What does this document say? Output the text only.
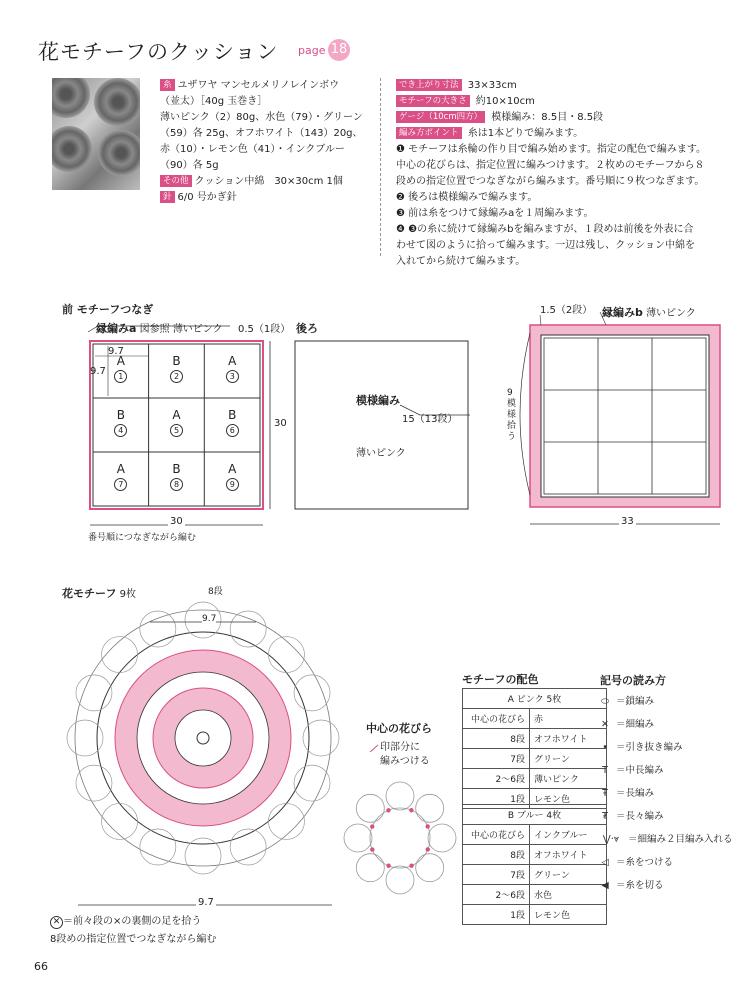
花モチーフのクッション page 18
糸 ユザワヤ マンセルメリノレインボウ
（並太）［40g 玉巻き］
薄いピンク（2）80g、水色（79）・グリーン
（59）各 25g、オフホワイト（143）20g、
赤（10）・レモン色（41）・インクブルー
（90）各 5g
その他 クッション中綿　30×30cm 1個
針 6/0 号かぎ針
でき上がり寸法 33×33cm
モチーフの大きさ 約10×10cm
ゲージ（10cm四方） 模様編み：8.5目・8.5段
編み方ポイント 糸は1本どりで編みます。
❶ モチーフは糸輪の作り目で編み始めます。指定の配色で編みます。
中心の花びらは、指定位置に編みつけます。２枚めのモチーフから８
段めの指定位置でつなぎながら編みます。番号順に９枚つなぎます。
❷ 後ろは模様編みで編みます。
❸ 前は糸をつけて縁編みaを１周編みます。
❹ ❸の糸に続けて縁編みbを編みますが、１段めは前後を外表に合
わせて図のように拾って編みます。一辺は残し、クッション中綿を
入れてから続けて編みます。
前 モチーフつなぎ
縁編みa 図参照 薄いピンク 0.5（1段）
9.7
9.7
30
30
番号順につなぎながら編む
A
1
B
2
A
3
B
4
A
5
B
6
A
7
B
8
A
9
後ろ
模様編み
15（13段）
薄いピンク
1.5（2段） 縁編みb 薄いピンク
9
模
様
拾
う
33
花モチーフ 9枚	8段
9.7
9.7
✕ ＝前々段の×の裏側の足を拾う
8段めの指定位置でつなぎながら編む
中心の花びら
印部分に
編みつける
モチーフの配色
A ピンク 5枚	
中心の花びら	赤
8段	オフホワイト
7段	グリーン
2〜6段	薄いピンク
1段	レモン色
B ブルー 4枚	
中心の花びら	インクブルー
8段	オフホワイト
7段	グリーン
2〜6段	水色
1段	レモン色
記号の読み方
⬭ ＝鎖編み
✕ ＝細編み
• ＝引き抜き編み
T ＝中長編み
Ŧ ＝長編み
₮ ＝長々編み
⋁·⩔ ＝細編み２目編み入れる
◁ ＝糸をつける
◀ ＝糸を切る
66
